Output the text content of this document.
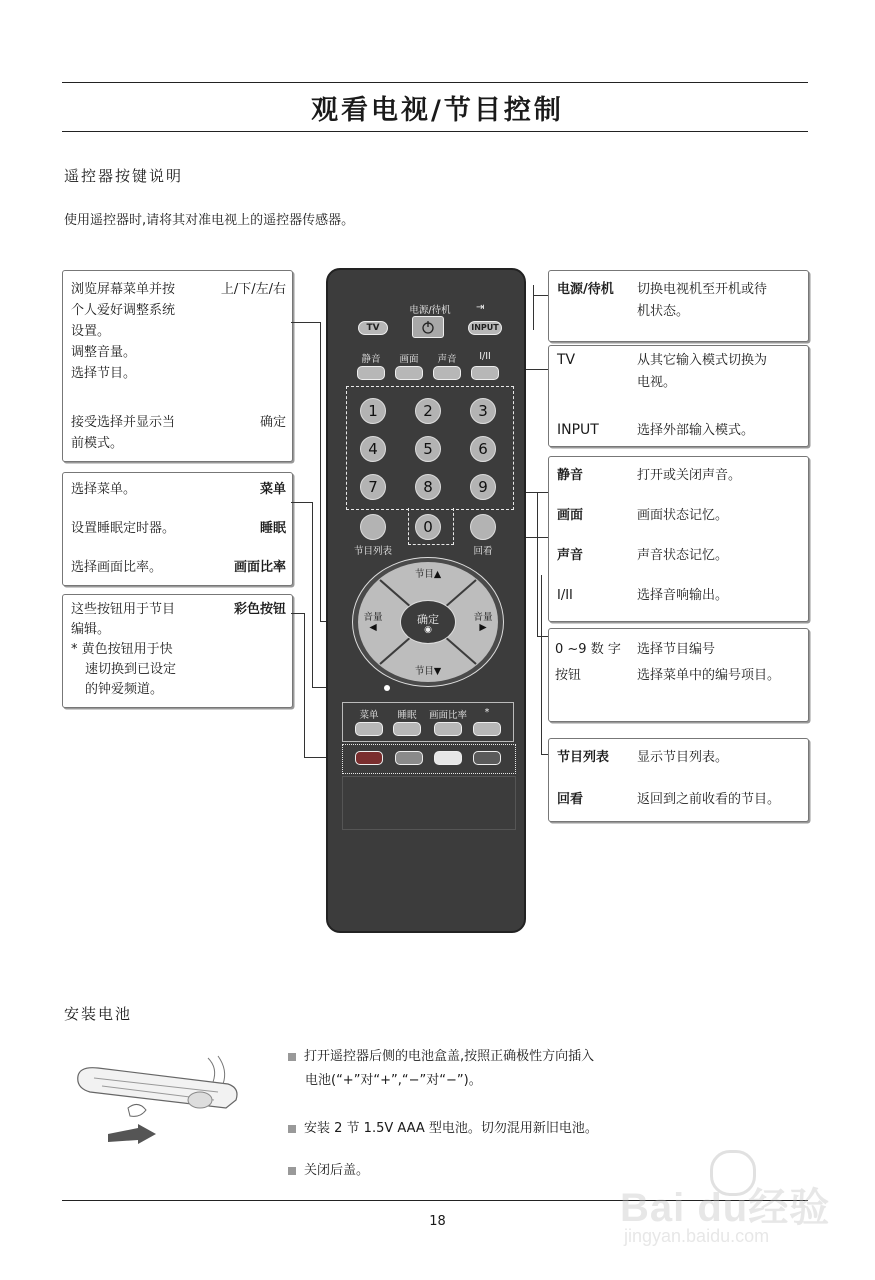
观看电视/节目控制
遥控器按键说明
使用遥控器时,请将其对准电视上的遥控器传感器。
浏览屏幕菜单并按
个人爱好调整系统
设置。
调整音量。
选择节目。
上/下/左/右
接受选择并显示当
前模式。
确定
选择菜单。	菜单
设置睡眠定时器。	睡眠
选择画面比率。	画面比率
这些按钮用于节目
编辑。
* 黄色按钮用于快
速切换到已设定
的钟爱频道。
彩色按钮
电源/待机 切换电视机至开机或待
机状态。
TV	从其它输入模式切换为
电视。
INPUT	选择外部输入模式。
静音	打开或关闭声音。
画面	画面状态记忆。
声音	声音状态记忆。
I/II	选择音响输出。
0 ~9 数 字
按钮
选择节目编号
选择菜单中的编号项目。
节目列表 显示节目列表。
回看	返回到之前收看的节目。
电源/待机
TV
⇥
INPUT
静音	画面	声音	I/II
1	2	3
4	5	6
7	8	9
0
节目列表	回看
节目▲
节目▼
音量
◀
音量
▶
确定
◉
菜单	睡眠	画面比率	*
安装电池
打开遥控器后侧的电池盒盖,按照正确极性方向插入
电池(“+”对“+”,“−”对“−”)。
安装 2 节 1.5V AAA 型电池。切勿混用新旧电池。
关闭后盖。
18	Bai du经验
jingyan.baidu.com
